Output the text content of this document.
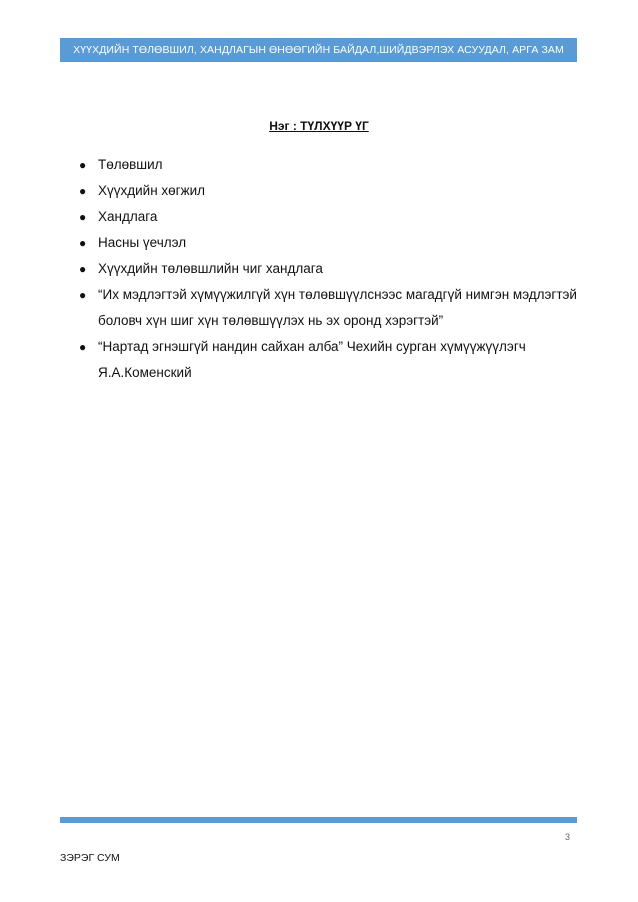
ХҮҮХДИЙН ТӨЛӨВШИЛ, ХАНДЛАГЫН ӨНӨӨГИЙН БАЙДАЛ,ШИЙДВЭРЛЭХ АСУУДАЛ, АРГА ЗАМ
Нэг : ТҮЛХҮҮР ҮГ
● Төлөвшил
● Хүүхдийн хөгжил
● Хандлага
● Насны үечлэл
● Хүүхдийн төлөвшлийн чиг хандлага
● “Их мэдлэгтэй хүмүүжилгүй хүн төлөвшүүлснээс магадгүй нимгэн мэдлэгтэй боловч хүн шиг хүн төлөвшүүлэх нь эх оронд хэрэгтэй”
● “Нартад эгнэшгүй нандин сайхан алба” Чехийн сурган хүмүүжүүлэгч Я.А.Коменский
3
ЗЭРЭГ СУМ
